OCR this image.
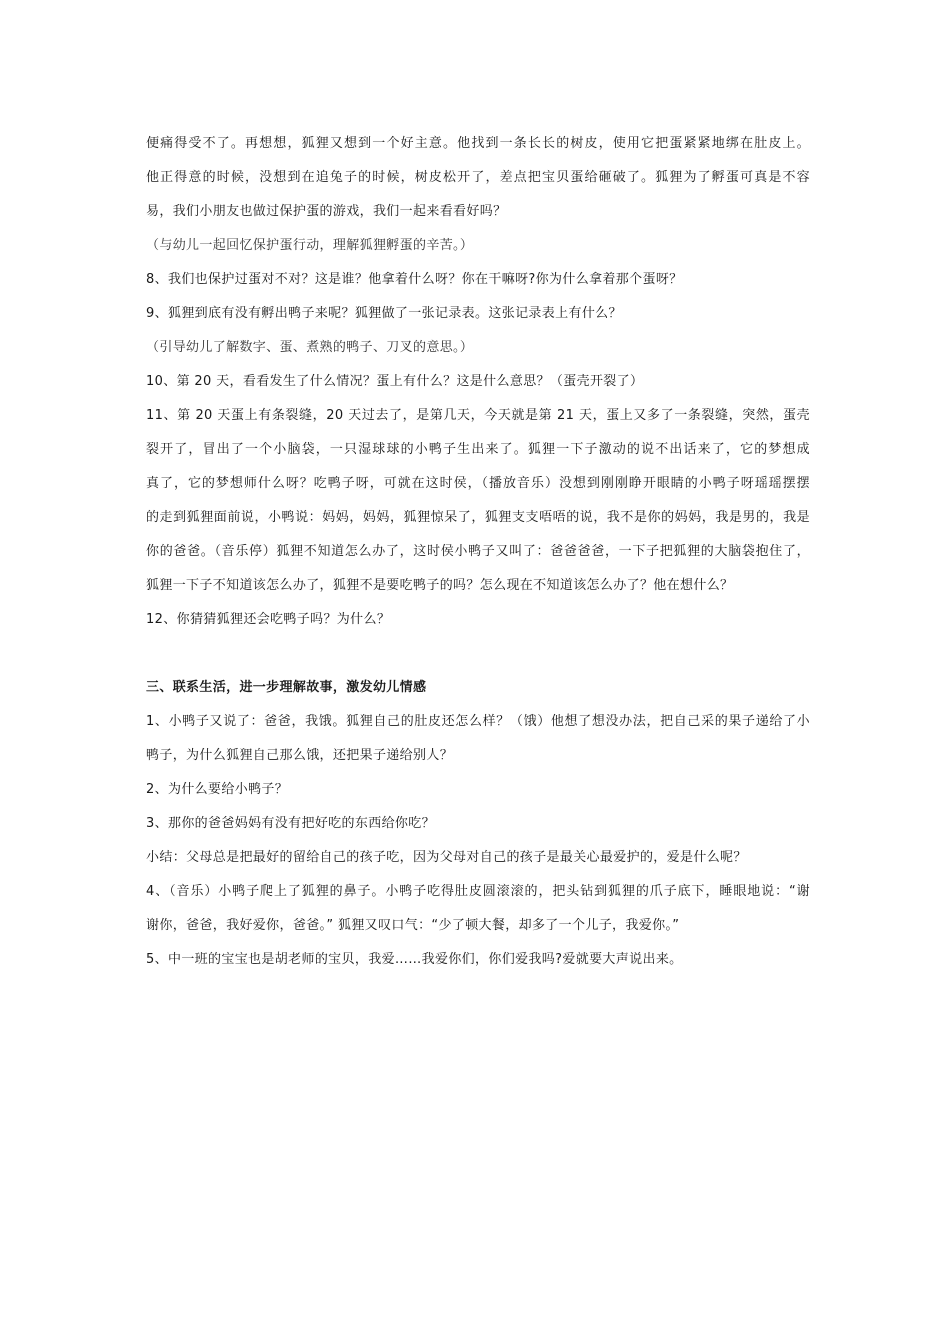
便痛得受不了。再想想，狐狸又想到一个好主意。他找到一条长长的树皮，使用它把蛋紧紧地绑在肚皮上。
他正得意的时候，没想到在追兔子的时候，树皮松开了，差点把宝贝蛋给砸破了。狐狸为了孵蛋可真是不容
易，我们小朋友也做过保护蛋的游戏，我们一起来看看好吗？
（与幼儿一起回忆保护蛋行动，理解狐狸孵蛋的辛苦。）
8、我们也保护过蛋对不对？这是谁？他拿着什么呀？你在干嘛呀?你为什么拿着那个蛋呀？
9、狐狸到底有没有孵出鸭子来呢？狐狸做了一张记录表。这张记录表上有什么？
（引导幼儿了解数字、蛋、煮熟的鸭子、刀叉的意思。）
10、第 20 天，看看发生了什么情况？蛋上有什么？这是什么意思？（蛋壳开裂了）
11、第 20 天蛋上有条裂缝，20 天过去了，是第几天，今天就是第 21 天，蛋上又多了一条裂缝，突然，蛋壳
裂开了，冒出了一个小脑袋，一只湿球球的小鸭子生出来了。狐狸一下子激动的说不出话来了，它的梦想成
真了，它的梦想师什么呀？吃鸭子呀，可就在这时侯，（播放音乐）没想到刚刚睁开眼睛的小鸭子呀瑶瑶摆摆
的走到狐狸面前说，小鸭说：妈妈，妈妈，狐狸惊呆了，狐狸支支唔唔的说，我不是你的妈妈，我是男的，我是
你的爸爸。（音乐停）狐狸不知道怎么办了，这时侯小鸭子又叫了：爸爸爸爸，一下子把狐狸的大脑袋抱住了，
狐狸一下子不知道该怎么办了，狐狸不是要吃鸭子的吗？怎么现在不知道该怎么办了？他在想什么？
12、你猜猜狐狸还会吃鸭子吗？为什么？
三、联系生活，进一步理解故事，激发幼儿情感
1、小鸭子又说了：爸爸，我饿。狐狸自己的肚皮还怎么样？（饿）他想了想没办法，把自己采的果子递给了小
鸭子，为什么狐狸自己那么饿，还把果子递给别人？
2、为什么要给小鸭子？
3、那你的爸爸妈妈有没有把好吃的东西给你吃？
小结：父母总是把最好的留给自己的孩子吃，因为父母对自己的孩子是最关心最爱护的，爱是什么呢？
4、（音乐）小鸭子爬上了狐狸的鼻子。小鸭子吃得肚皮圆滚滚的，把头钻到狐狸的爪子底下，睡眼地说：“谢
谢你，爸爸，我好爱你，爸爸。” 狐狸又叹口气：“少了顿大餐，却多了一个儿子，我爱你。”
5、中一班的宝宝也是胡老师的宝贝，我爱……我爱你们，你们爱我吗?爱就要大声说出来。
